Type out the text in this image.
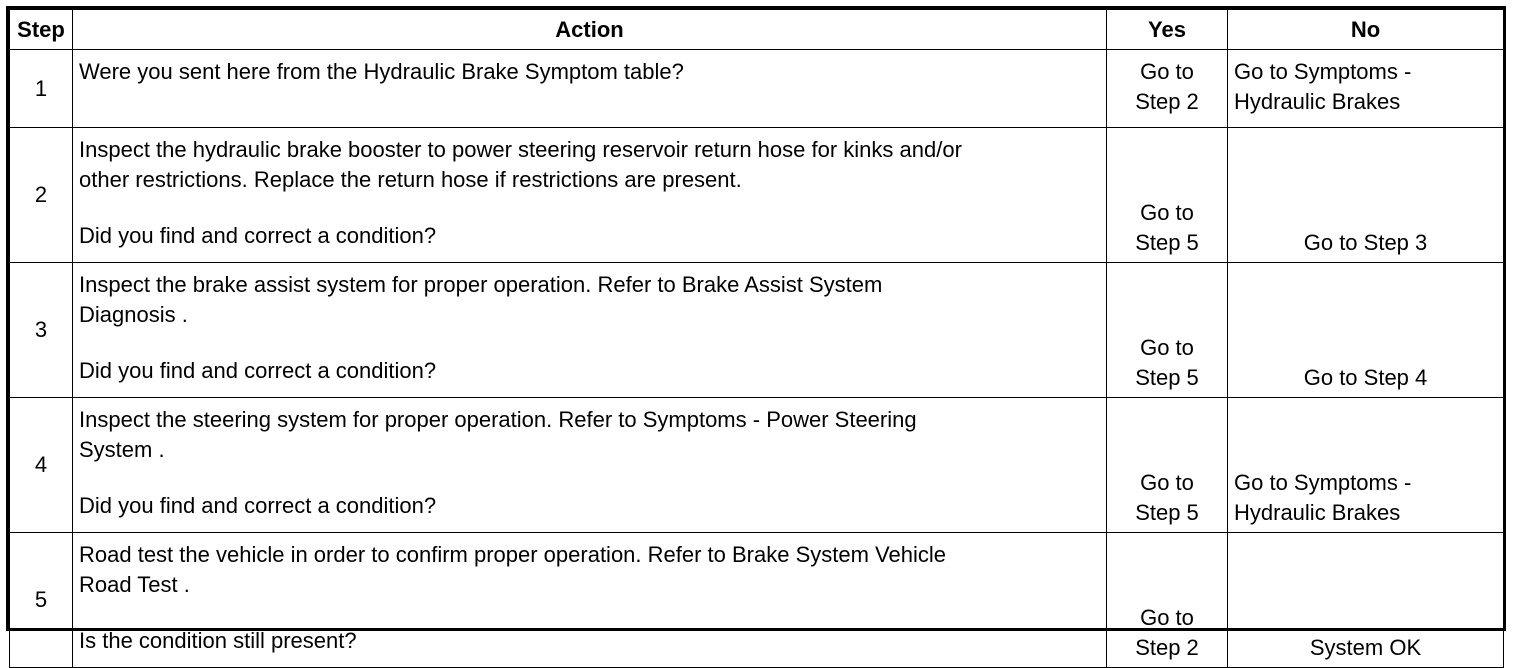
Step	Action	Yes	No
1	Were you sent here from the Hydraulic Brake Symptom table?	Go to
Step 2	Go to Symptoms -
Hydraulic Brakes

2	Inspect the hydraulic brake booster to power steering reservoir return hose for kinks and/or
other restrictions. Replace the return hose if restrictions are present.
Did you find and correct a condition?	Go to
Step 5	Go to Step 3

3	Inspect the brake assist system for proper operation. Refer to Brake Assist System
Diagnosis .
Did you find and correct a condition?	Go to
Step 5	Go to Step 4

4	Inspect the steering system for proper operation. Refer to Symptoms - Power Steering
System .
Did you find and correct a condition?	Go to
Step 5	Go to Symptoms -
Hydraulic Brakes

5	Road test the vehicle in order to confirm proper operation. Refer to Brake System Vehicle
Road Test .
Is the condition still present?	Go to
Step 2	System OK
